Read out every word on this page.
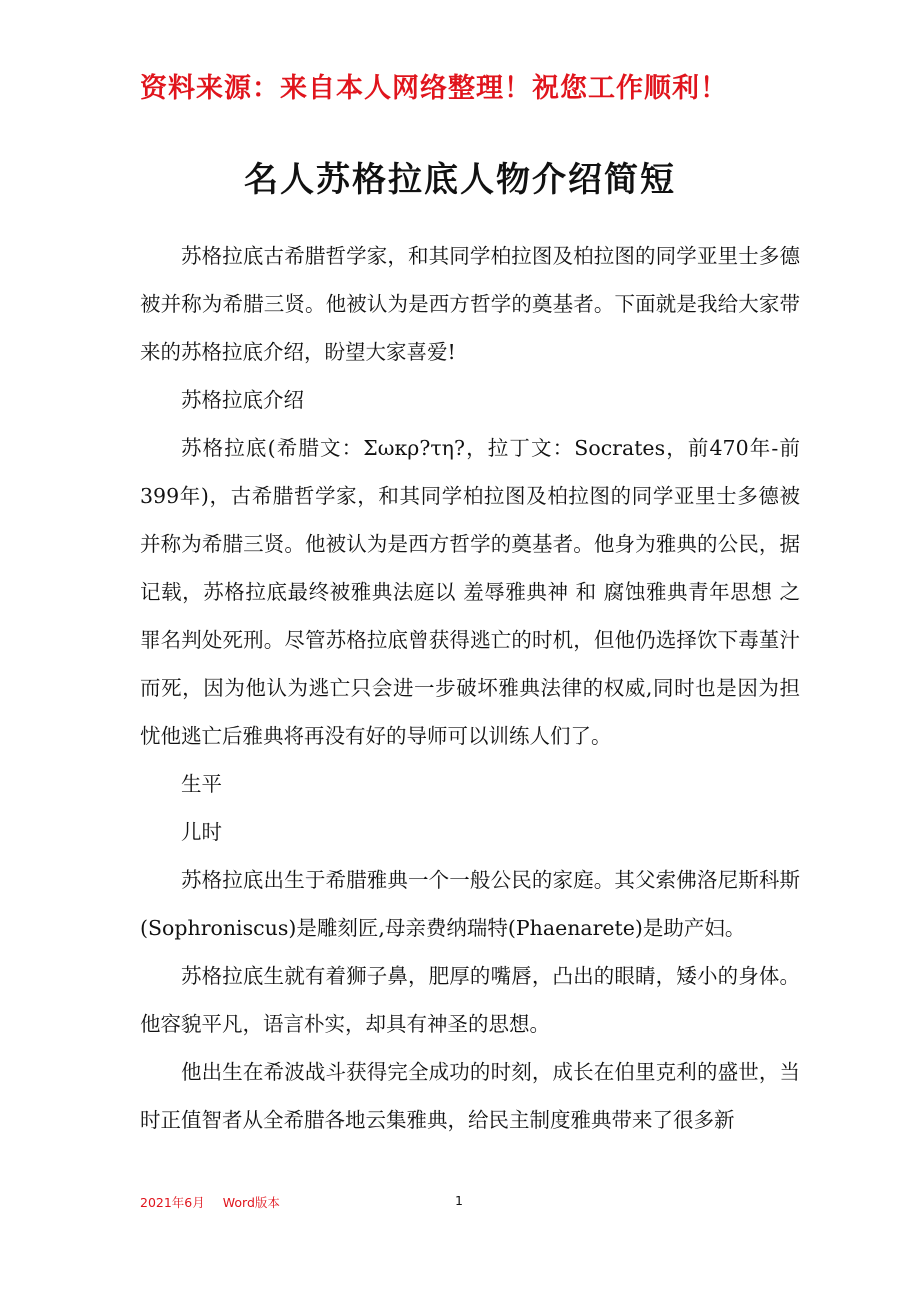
资料来源：来自本人网络整理！祝您工作顺利！
名人苏格拉底人物介绍简短

苏格拉底古希腊哲学家，和其同学柏拉图及柏拉图的同学亚里士多德被并称为希腊三贤。他被认为是西方哲学的奠基者。下面就是我给大家带来的苏格拉底介绍，盼望大家喜爱!

苏格拉底介绍

苏格拉底(希腊文：Σωκρ?τη?，拉丁文：Socrates，前470年-前399年)，古希腊哲学家，和其同学柏拉图及柏拉图的同学亚里士多德被并称为希腊三贤。他被认为是西方哲学的奠基者。他身为雅典的公民，据记载，苏格拉底最终被雅典法庭以 羞辱雅典神 和 腐蚀雅典青年思想 之罪名判处死刑。尽管苏格拉底曾获得逃亡的时机，但他仍选择饮下毒堇汁而死，因为他认为逃亡只会进一步破坏雅典法律的权威,同时也是因为担忧他逃亡后雅典将再没有好的导师可以训练人们了。

生平

儿时

苏格拉底出生于希腊雅典一个一般公民的家庭。其父索佛洛尼斯科斯(Sophroniscus)是雕刻匠,母亲费纳瑞特(Phaenarete)是助产妇。

苏格拉底生就有着狮子鼻，肥厚的嘴唇，凸出的眼睛，矮小的身体。他容貌平凡，语言朴实，却具有神圣的思想。

他出生在希波战斗获得完全成功的时刻，成长在伯里克利的盛世，当时正值智者从全希腊各地云集雅典，给民主制度雅典带来了很多新

2021年6月 Word版本	1
